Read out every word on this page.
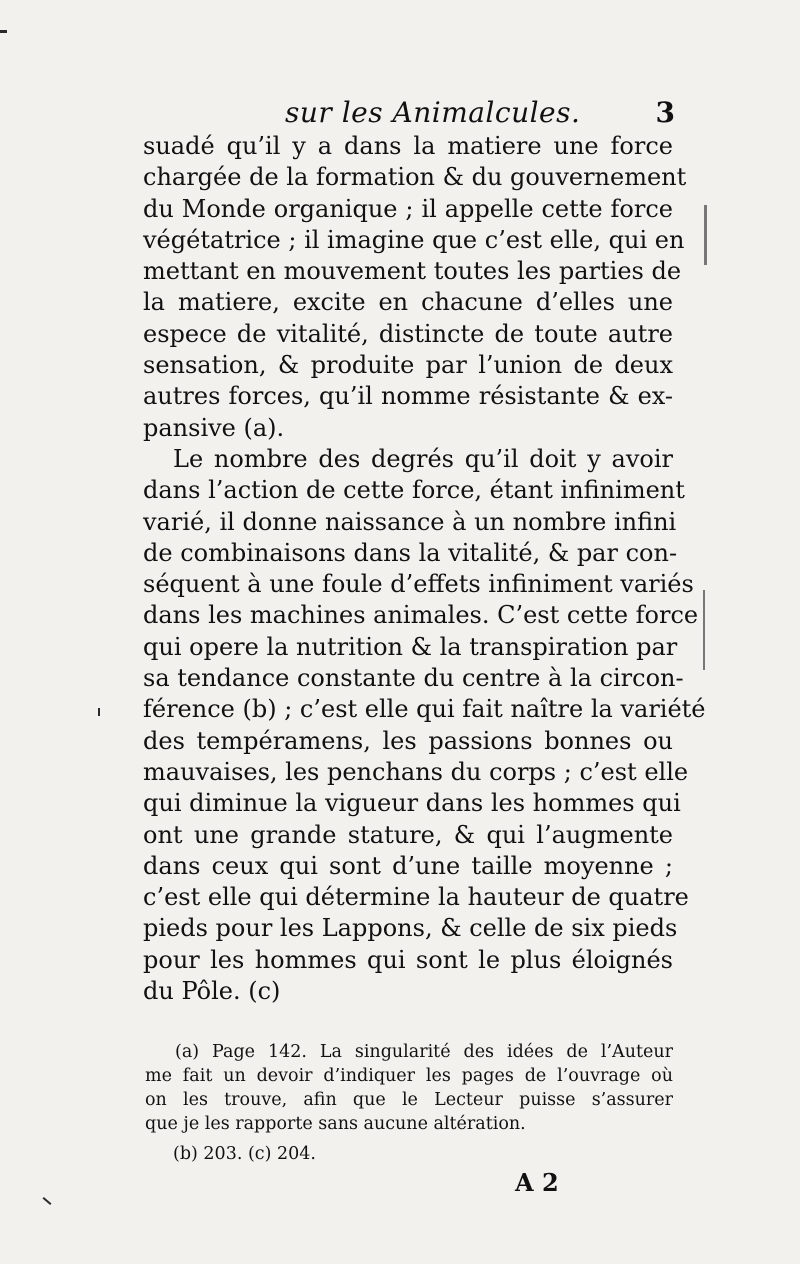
sur les Animalcules.	3
suadé qu’il y a dans la matiere une force
chargée de la formation & du gouvernement
du Monde organique ; il appelle cette force
végétatrice ; il imagine que c’est elle, qui en
mettant en mouvement toutes les parties de
la matiere, excite en chacune d’elles une
espece de vitalité, distincte de toute autre
sensation, & produite par l’union de deux
autres forces, qu’il nomme résistante & ex-
pansive (a).
Le nombre des degrés qu’il doit y avoir
dans l’action de cette force, étant infiniment
varié, il donne naissance à un nombre infini
de combinaisons dans la vitalité, & par con-
séquent à une foule d’effets infiniment variés
dans les machines animales. C’est cette force
qui opere la nutrition & la transpiration par
sa tendance constante du centre à la circon-
férence (b) ; c’est elle qui fait naître la variété
des tempéramens, les passions bonnes ou
mauvaises, les penchans du corps ; c’est elle
qui diminue la vigueur dans les hommes qui
ont une grande stature, & qui l’augmente
dans ceux qui sont d’une taille moyenne ;
c’est elle qui détermine la hauteur de quatre
pieds pour les Lappons, & celle de six pieds
pour les hommes qui sont le plus éloignés
du Pôle. (c)
(a) Page 142. La singularité des idées de l’Auteur
me fait un devoir d’indiquer les pages de l’ouvrage où
on les trouve, afin que le Lecteur puisse s’assurer
que je les rapporte sans aucune altération.
(b) 203. (c) 204.
A 2
